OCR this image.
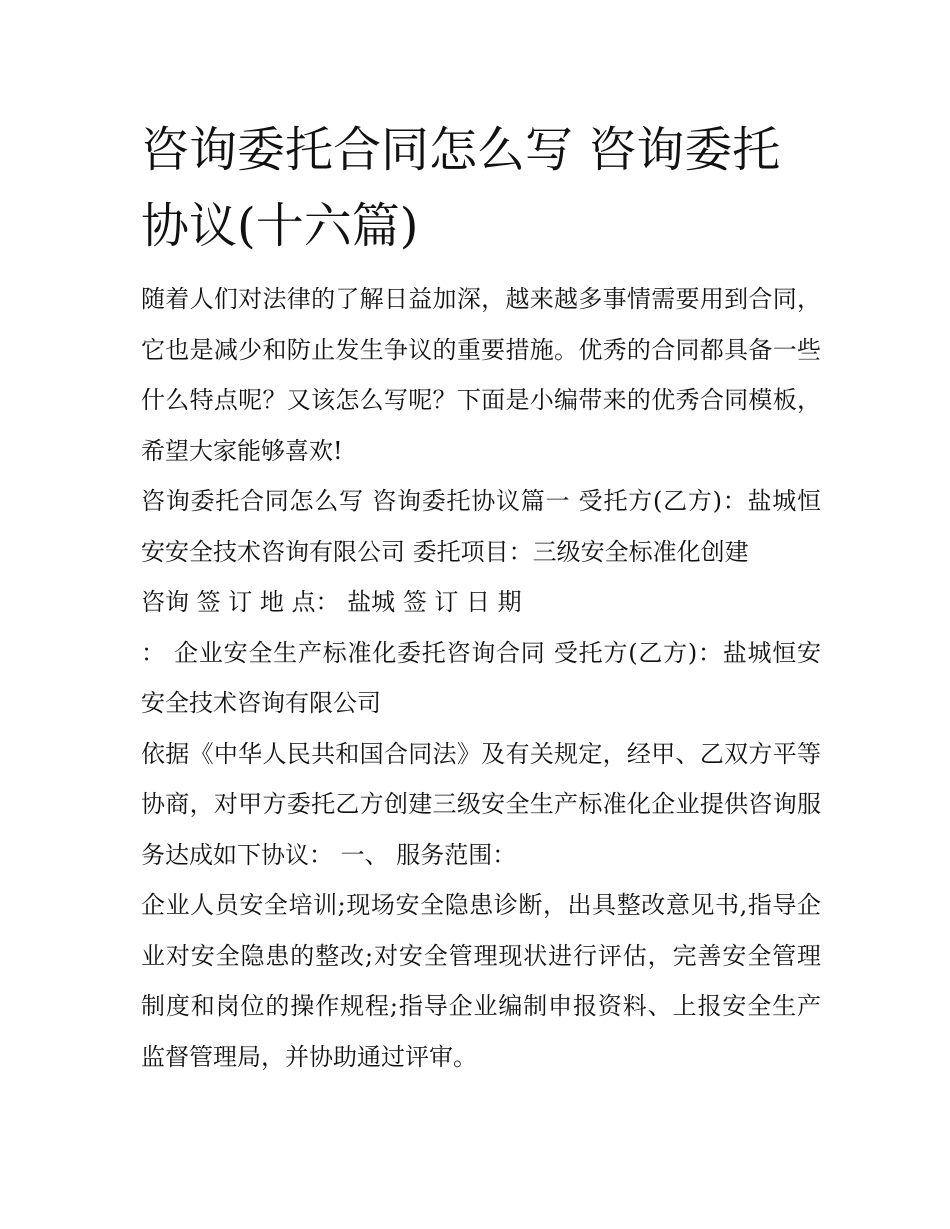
咨询委托合同怎么写 咨询委托协议(十六篇)

随着人们对法律的了解日益加深，越来越多事情需要用到合同，它也是减少和防止发生争议的重要措施。优秀的合同都具备一些什么特点呢？又该怎么写呢？下面是小编带来的优秀合同模板，希望大家能够喜欢!

咨询委托合同怎么写 咨询委托协议篇一 受托方(乙方)：盐城恒安安全技术咨询有限公司 委托项目：三级安全标准化创建

咨询 签 订 地 点： 盐城 签 订 日 期

： 企业安全生产标准化委托咨询合同 受托方(乙方)：盐城恒安安全技术咨询有限公司

依据《中华人民共和国合同法》及有关规定，经甲、乙双方平等协商，对甲方委托乙方创建三级安全生产标准化企业提供咨询服务达成如下协议： 一、 服务范围：

企业人员安全培训;现场安全隐患诊断，出具整改意见书,指导企业对安全隐患的整改;对安全管理现状进行评估，完善安全管理制度和岗位的操作规程;指导企业编制申报资料、上报安全生产监督管理局，并协助通过评审。
